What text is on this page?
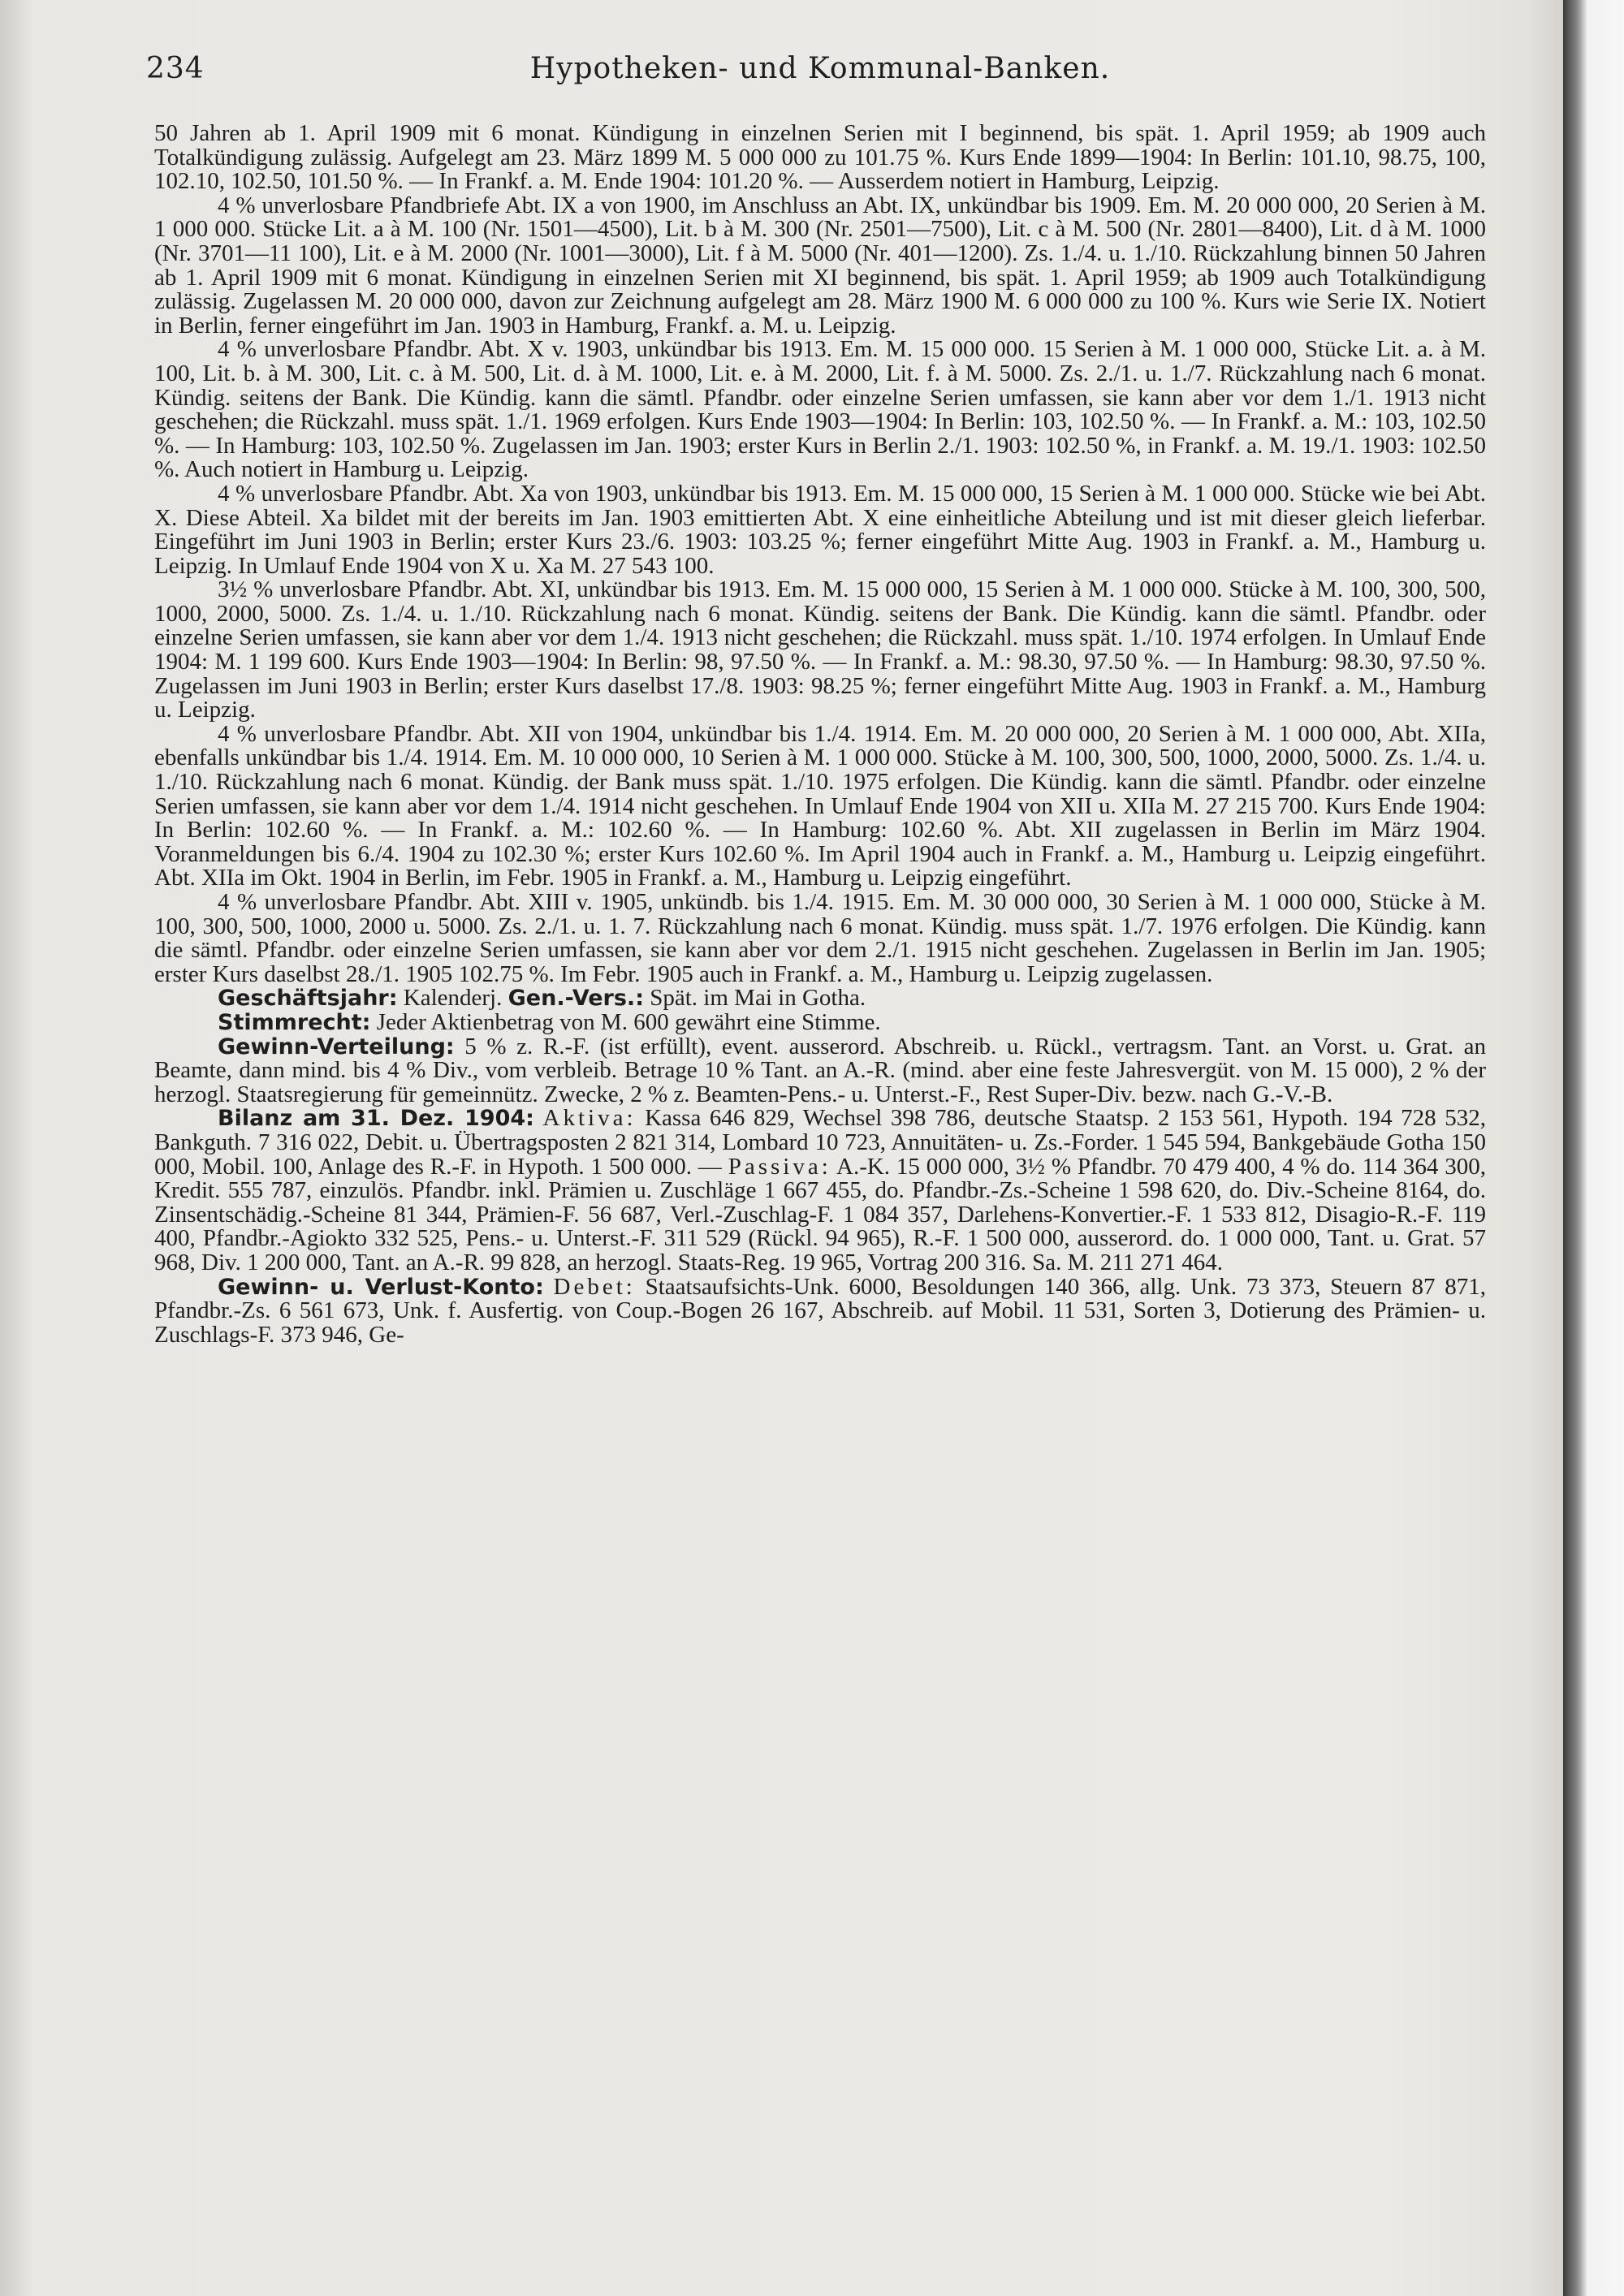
234	Hypotheken- und Kommunal-Banken.

50 Jahren ab 1. April 1909 mit 6 monat. Kündigung in einzelnen Serien mit I beginnend, bis spät. 1. April 1959; ab 1909 auch Totalkündigung zulässig. Aufgelegt am 23. März 1899 M. 5 000 000 zu 101.75 %. Kurs Ende 1899—1904: In Berlin: 101.10, 98.75, 100, 102.10, 102.50, 101.50 %. — In Frankf. a. M. Ende 1904: 101.20 %. — Ausserdem notiert in Hamburg, Leipzig.

4 % unverlosbare Pfandbriefe Abt. IX a von 1900, im Anschluss an Abt. IX, unkündbar bis 1909. Em. M. 20 000 000, 20 Serien à M. 1 000 000. Stücke Lit. a à M. 100 (Nr. 1501—4500), Lit. b à M. 300 (Nr. 2501—7500), Lit. c à M. 500 (Nr. 2801—8400), Lit. d à M. 1000 (Nr. 3701—11 100), Lit. e à M. 2000 (Nr. 1001—3000), Lit. f à M. 5000 (Nr. 401—1200). Zs. 1./4. u. 1./10. Rückzahlung binnen 50 Jahren ab 1. April 1909 mit 6 monat. Kündigung in einzelnen Serien mit XI beginnend, bis spät. 1. April 1959; ab 1909 auch Totalkündigung zulässig. Zugelassen M. 20 000 000, davon zur Zeichnung aufgelegt am 28. März 1900 M. 6 000 000 zu 100 %. Kurs wie Serie IX. Notiert in Berlin, ferner eingeführt im Jan. 1903 in Hamburg, Frankf. a. M. u. Leipzig.

4 % unverlosbare Pfandbr. Abt. X v. 1903, unkündbar bis 1913. Em. M. 15 000 000. 15 Serien à M. 1 000 000, Stücke Lit. a. à M. 100, Lit. b. à M. 300, Lit. c. à M. 500, Lit. d. à M. 1000, Lit. e. à M. 2000, Lit. f. à M. 5000. Zs. 2./1. u. 1./7. Rückzahlung nach 6 monat. Kündig. seitens der Bank. Die Kündig. kann die sämtl. Pfandbr. oder einzelne Serien umfassen, sie kann aber vor dem 1./1. 1913 nicht geschehen; die Rückzahl. muss spät. 1./1. 1969 erfolgen. Kurs Ende 1903—1904: In Berlin: 103, 102.50 %. — In Frankf. a. M.: 103, 102.50 %. — In Hamburg: 103, 102.50 %. Zugelassen im Jan. 1903; erster Kurs in Berlin 2./1. 1903: 102.50 %, in Frankf. a. M. 19./1. 1903: 102.50 %. Auch notiert in Hamburg u. Leipzig.

4 % unverlosbare Pfandbr. Abt. Xa von 1903, unkündbar bis 1913. Em. M. 15 000 000, 15 Serien à M. 1 000 000. Stücke wie bei Abt. X. Diese Abteil. Xa bildet mit der bereits im Jan. 1903 emittierten Abt. X eine einheitliche Abteilung und ist mit dieser gleich lieferbar. Eingeführt im Juni 1903 in Berlin; erster Kurs 23./6. 1903: 103.25 %; ferner eingeführt Mitte Aug. 1903 in Frankf. a. M., Hamburg u. Leipzig. In Umlauf Ende 1904 von X u. Xa M. 27 543 100.

3½ % unverlosbare Pfandbr. Abt. XI, unkündbar bis 1913. Em. M. 15 000 000, 15 Serien à M. 1 000 000. Stücke à M. 100, 300, 500, 1000, 2000, 5000. Zs. 1./4. u. 1./10. Rückzahlung nach 6 monat. Kündig. seitens der Bank. Die Kündig. kann die sämtl. Pfandbr. oder einzelne Serien umfassen, sie kann aber vor dem 1./4. 1913 nicht geschehen; die Rückzahl. muss spät. 1./10. 1974 erfolgen. In Umlauf Ende 1904: M. 1 199 600. Kurs Ende 1903—1904: In Berlin: 98, 97.50 %. — In Frankf. a. M.: 98.30, 97.50 %. — In Hamburg: 98.30, 97.50 %. Zugelassen im Juni 1903 in Berlin; erster Kurs daselbst 17./8. 1903: 98.25 %; ferner eingeführt Mitte Aug. 1903 in Frankf. a. M., Hamburg u. Leipzig.

4 % unverlosbare Pfandbr. Abt. XII von 1904, unkündbar bis 1./4. 1914. Em. M. 20 000 000, 20 Serien à M. 1 000 000, Abt. XIIa, ebenfalls unkündbar bis 1./4. 1914. Em. M. 10 000 000, 10 Serien à M. 1 000 000. Stücke à M. 100, 300, 500, 1000, 2000, 5000. Zs. 1./4. u. 1./10. Rückzahlung nach 6 monat. Kündig. der Bank muss spät. 1./10. 1975 erfolgen. Die Kündig. kann die sämtl. Pfandbr. oder einzelne Serien umfassen, sie kann aber vor dem 1./4. 1914 nicht geschehen. In Umlauf Ende 1904 von XII u. XIIa M. 27 215 700. Kurs Ende 1904: In Berlin: 102.60 %. — In Frankf. a. M.: 102.60 %. — In Hamburg: 102.60 %. Abt. XII zugelassen in Berlin im März 1904. Voranmeldungen bis 6./4. 1904 zu 102.30 %; erster Kurs 102.60 %. Im April 1904 auch in Frankf. a. M., Hamburg u. Leipzig eingeführt. Abt. XIIa im Okt. 1904 in Berlin, im Febr. 1905 in Frankf. a. M., Hamburg u. Leipzig eingeführt.

4 % unverlosbare Pfandbr. Abt. XIII v. 1905, unkündb. bis 1./4. 1915. Em. M. 30 000 000, 30 Serien à M. 1 000 000, Stücke à M. 100, 300, 500, 1000, 2000 u. 5000. Zs. 2./1. u. 1. 7. Rückzahlung nach 6 monat. Kündig. muss spät. 1./7. 1976 erfolgen. Die Kündig. kann die sämtl. Pfandbr. oder einzelne Serien umfassen, sie kann aber vor dem 2./1. 1915 nicht geschehen. Zugelassen in Berlin im Jan. 1905; erster Kurs daselbst 28./1. 1905 102.75 %. Im Febr. 1905 auch in Frankf. a. M., Hamburg u. Leipzig zugelassen.

Geschäftsjahr: Kalenderj. Gen.-Vers.: Spät. im Mai in Gotha.

Stimmrecht: Jeder Aktienbetrag von M. 600 gewährt eine Stimme.

Gewinn-Verteilung: 5 % z. R.-F. (ist erfüllt), event. ausserord. Abschreib. u. Rückl., vertragsm. Tant. an Vorst. u. Grat. an Beamte, dann mind. bis 4 % Div., vom verbleib. Betrage 10 % Tant. an A.-R. (mind. aber eine feste Jahresvergüt. von M. 15 000), 2 % der herzogl. Staatsregierung für gemeinnütz. Zwecke, 2 % z. Beamten-Pens.- u. Unterst.-F., Rest Super-Div. bezw. nach G.-V.-B.

Bilanz am 31. Dez. 1904: Aktiva: Kassa 646 829, Wechsel 398 786, deutsche Staatsp. 2 153 561, Hypoth. 194 728 532, Bankguth. 7 316 022, Debit. u. Übertragsposten 2 821 314, Lombard 10 723, Annuitäten- u. Zs.-Forder. 1 545 594, Bankgebäude Gotha 150 000, Mobil. 100, Anlage des R.-F. in Hypoth. 1 500 000. — Passiva: A.-K. 15 000 000, 3½ % Pfandbr. 70 479 400, 4 % do. 114 364 300, Kredit. 555 787, einzulös. Pfandbr. inkl. Prämien u. Zuschläge 1 667 455, do. Pfandbr.-Zs.-Scheine 1 598 620, do. Div.-Scheine 8164, do. Zinsentschädig.-Scheine 81 344, Prämien-F. 56 687, Verl.-Zuschlag-F. 1 084 357, Darlehens-Konvertier.-F. 1 533 812, Disagio-R.-F. 119 400, Pfandbr.-Agiokto 332 525, Pens.- u. Unterst.-F. 311 529 (Rückl. 94 965), R.-F. 1 500 000, ausserord. do. 1 000 000, Tant. u. Grat. 57 968, Div. 1 200 000, Tant. an A.-R. 99 828, an herzogl. Staats-Reg. 19 965, Vortrag 200 316. Sa. M. 211 271 464.

Gewinn- u. Verlust-Konto: Debet: Staatsaufsichts-Unk. 6000, Besoldungen 140 366, allg. Unk. 73 373, Steuern 87 871, Pfandbr.-Zs. 6 561 673, Unk. f. Ausfertig. von Coup.-Bogen 26 167, Abschreib. auf Mobil. 11 531, Sorten 3, Dotierung des Prämien- u. Zuschlags-F. 373 946, Ge-
